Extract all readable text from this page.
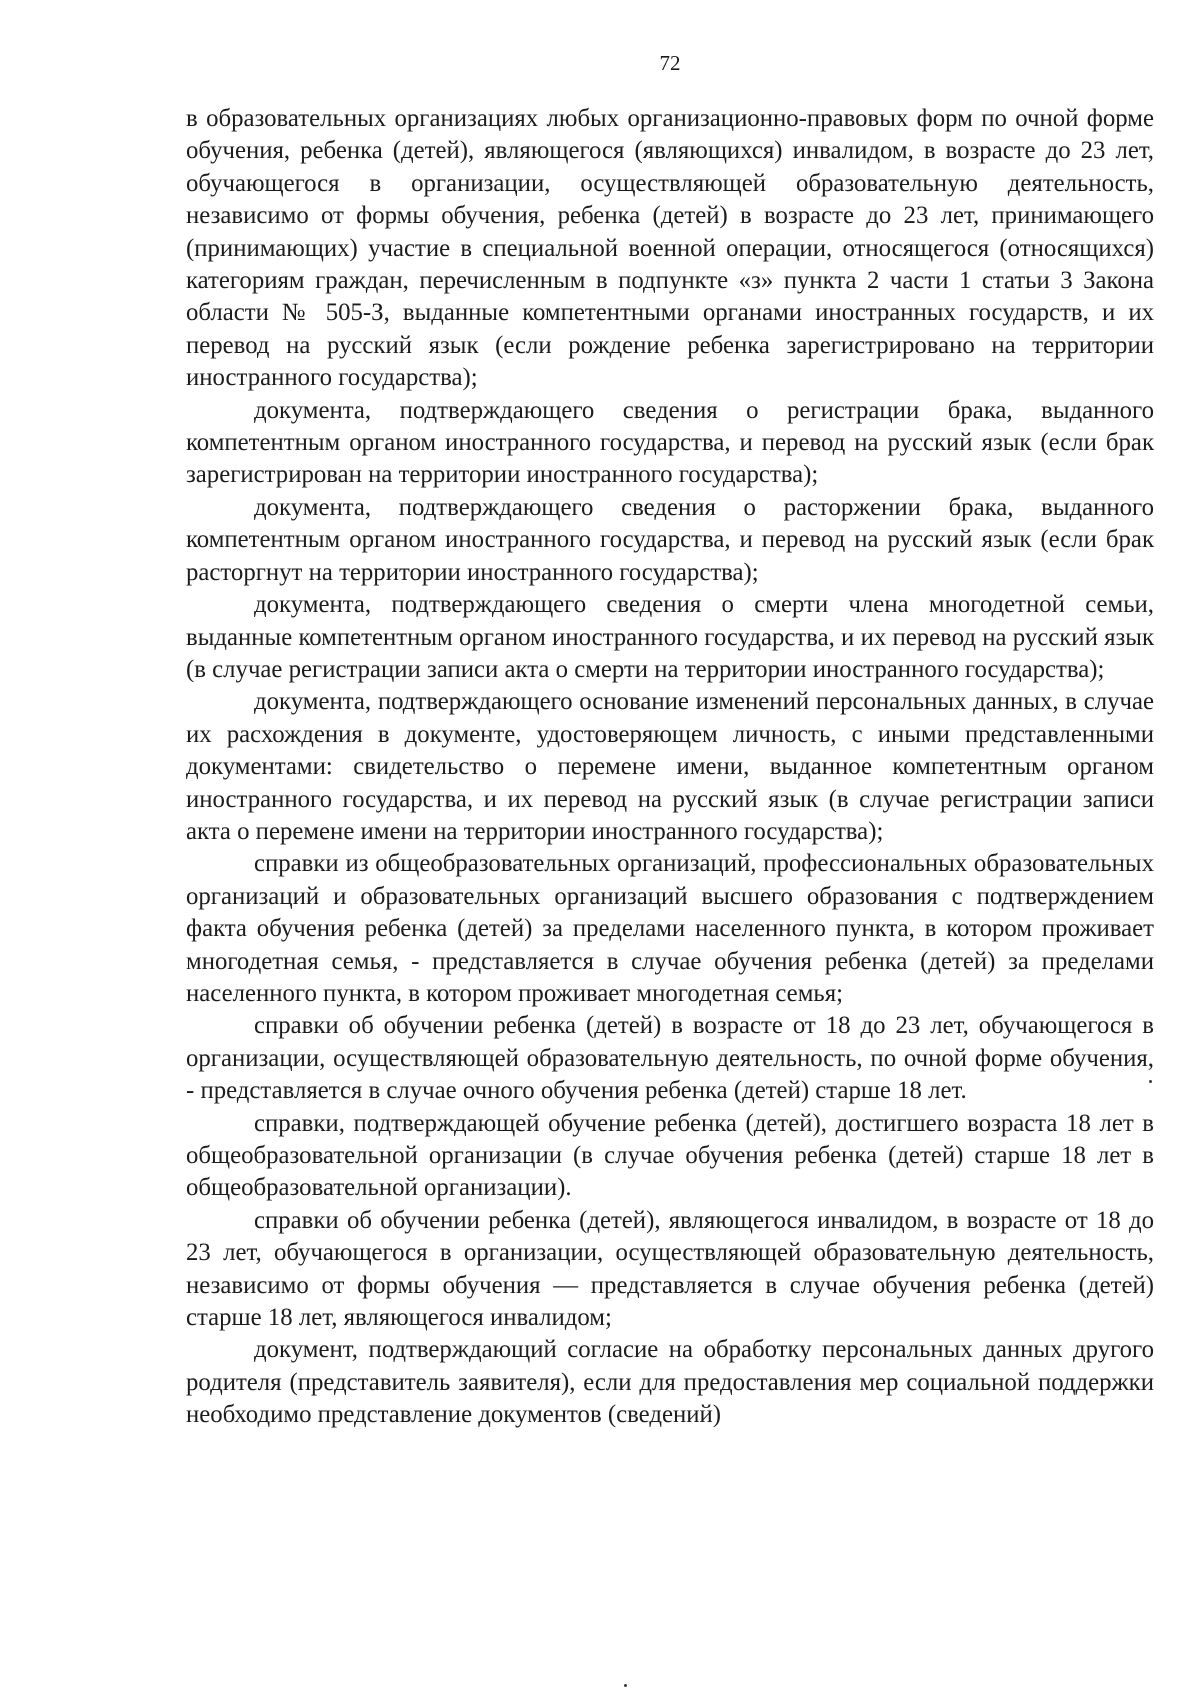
72

в образовательных организациях любых организационно-правовых форм по очной форме обучения, ребенка (детей), являющегося (являющихся) инвалидом, в возрасте до 23 лет, обучающегося в организации, осуществляющей образовательную деятельность, независимо от формы обучения, ребенка (детей) в возрасте до 23 лет, принимающего (принимающих) участие в специальной военной операции, относящегося (относящихся) категориям граждан, перечисленным в подпункте «з» пункта 2 части 1 статьи 3 Закона области № 505-З, выданные компетентными органами иностранных государств, и их перевод на русский язык (если рождение ребенка зарегистрировано на территории иностранного государства);

документа, подтверждающего сведения о регистрации брака, выданного компетентным органом иностранного государства, и перевод на русский язык (если брак зарегистрирован на территории иностранного государства);

документа, подтверждающего сведения о расторжении брака, выданного компетентным органом иностранного государства, и перевод на русский язык (если брак расторгнут на территории иностранного государства);

документа, подтверждающего сведения о смерти члена многодетной семьи, выданные компетентным органом иностранного государства, и их перевод на русский язык (в случае регистрации записи акта о смерти на территории иностранного государства);

документа, подтверждающего основание изменений персональных данных, в случае их расхождения в документе, удостоверяющем личность, с иными представленными документами: свидетельство о перемене имени, выданное компетентным органом иностранного государства, и их перевод на русский язык (в случае регистрации записи акта о перемене имени на территории иностранного государства);

справки из общеобразовательных организаций, профессиональных образовательных организаций и образовательных организаций высшего образования с подтверждением факта обучения ребенка (детей) за пределами населенного пункта, в котором проживает многодетная семья, - представляется в случае обучения ребенка (детей) за пределами населенного пункта, в котором проживает многодетная семья;

справки об обучении ребенка (детей) в возрасте от 18 до 23 лет, обучающегося в организации, осуществляющей образовательную деятельность, по очной форме обучения, - представляется в случае очного обучения ребенка (детей) старше 18 лет.

справки, подтверждающей обучение ребенка (детей), достигшего возраста 18 лет в общеобразовательной организации (в случае обучения ребенка (детей) старше 18 лет в общеобразовательной организации).

справки об обучении ребенка (детей), являющегося инвалидом, в возрасте от 18 до 23 лет, обучающегося в организации, осуществляющей образовательную деятельность, независимо от формы обучения — представляется в случае обучения ребенка (детей) старше 18 лет, являющегося инвалидом;

документ, подтверждающий согласие на обработку персональных данных другого родителя (представитель заявителя), если для предоставления мер социальной поддержки необходимо представление документов (сведений)
